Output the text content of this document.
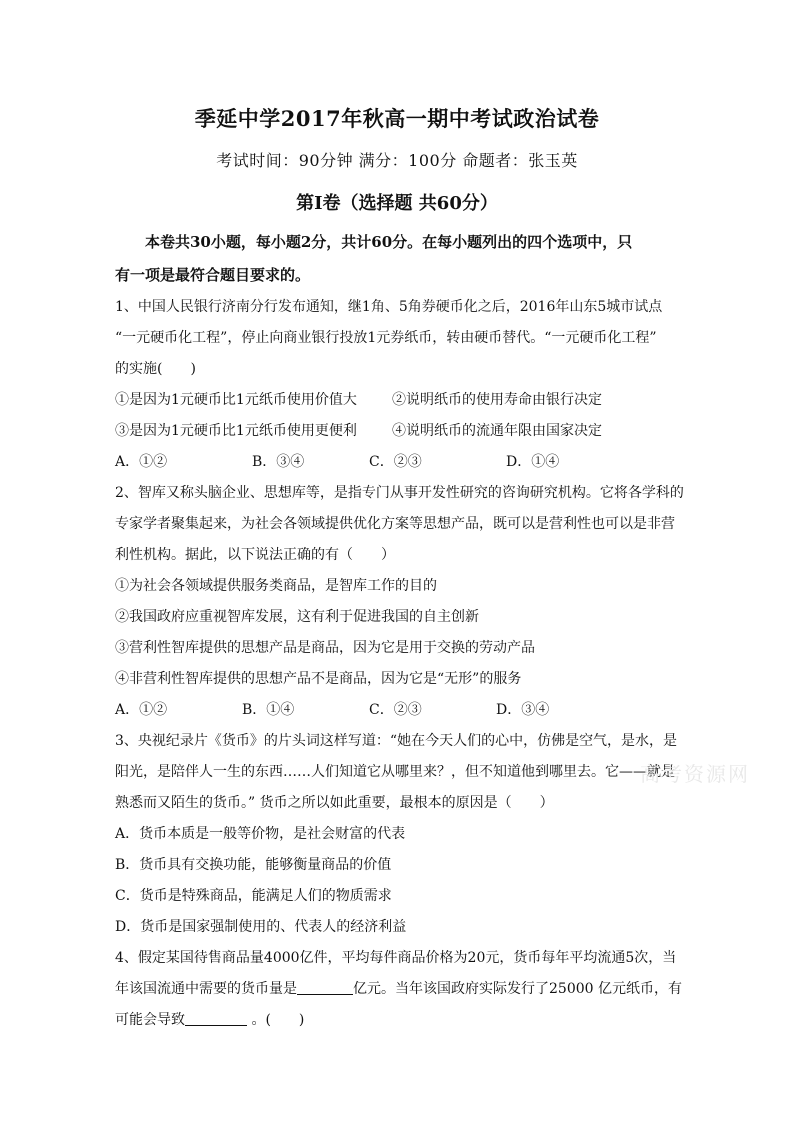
季延中学2017年秋高一期中考试政治试卷
考试时间：90分钟 满分：100分 命题者：张玉英
第Ⅰ卷（选择题 共60分）
本卷共30小题，每小题2分，共计60分。在每小题列出的四个选项中，只
有一项是最符合题目要求的。
1、中国人民银行济南分行发布通知，继1角、5角券硬币化之后，2016年山东5城市试点
“一元硬币化工程”，停止向商业银行投放1元券纸币，转由硬币替代。“一元硬币化工程”
的实施(　　)
①是因为1元硬币比1元纸币使用价值大	②说明纸币的使用寿命由银行决定
③是因为1元硬币比1元纸币使用更便利	④说明纸币的流通年限由国家决定
A．①②	B．③④	C．②③	D．①④
2、智库又称头脑企业、思想库等，是指专门从事开发性研究的咨询研究机构。它将各学科的
专家学者聚集起来，为社会各领域提供优化方案等思想产品，既可以是营利性也可以是非营
利性机构。据此，以下说法正确的有（　　）
①为社会各领域提供服务类商品，是智库工作的目的
②我国政府应重视智库发展，这有利于促进我国的自主创新
③营利性智库提供的思想产品是商品，因为它是用于交换的劳动产品
④非营利性智库提供的思想产品不是商品，因为它是“无形”的服务
A．①②	B．①④	C．②③	D．③④
3、央视纪录片《货币》的片头词这样写道：“她在今天人们的心中，仿佛是空气，是水，是
阳光，是陪伴人一生的东西……人们知道它从哪里来？，但不知道他到哪里去。它——就是
熟悉而又陌生的货币。” 货币之所以如此重要，最根本的原因是（　　）
A．货币本质是一般等价物，是社会财富的代表
B．货币具有交换功能，能够衡量商品的价值
C．货币是特殊商品，能满足人们的物质需求
D．货币是国家强制使用的、代表人的经济利益
4、假定某国待售商品量4000亿件，平均每件商品价格为20元，货币每年平均流通5次，当
年该国流通中需要的货币量是	亿元。当年该国政府实际发行了25000 亿元纸币，有
可能会导致	。(　　)
高考资源网
